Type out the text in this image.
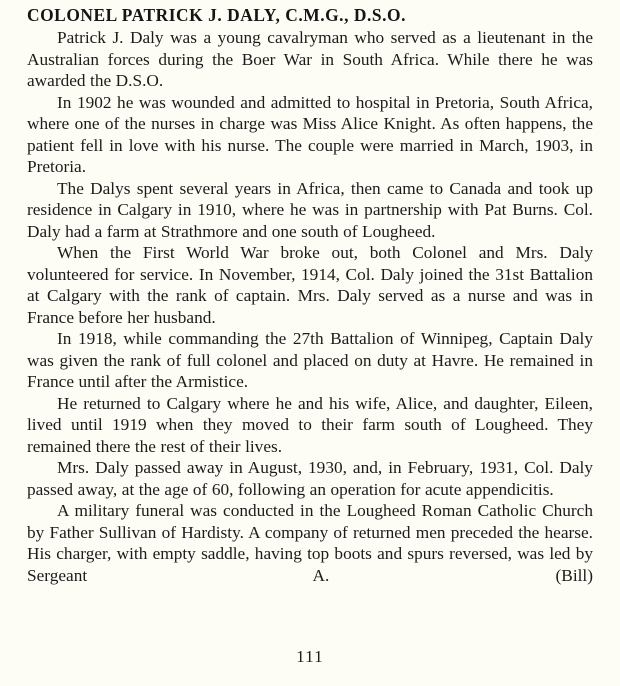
COLONEL PATRICK J. DALY, C.M.G., D.S.O.

Patrick J. Daly was a young cavalryman who served as a lieutenant in the Australian forces during the Boer War in South Africa. While there he was awarded the D.S.O.

In 1902 he was wounded and admitted to hospital in Pretoria, South Africa, where one of the nurses in charge was Miss Alice Knight. As often happens, the patient fell in love with his nurse. The couple were married in March, 1903, in Pretoria.

The Dalys spent several years in Africa, then came to Canada and took up residence in Calgary in 1910, where he was in partnership with Pat Burns. Col. Daly had a farm at Strathmore and one south of Lougheed.

When the First World War broke out, both Colonel and Mrs. Daly volunteered for service. In November, 1914, Col. Daly joined the 31st Battalion at Calgary with the rank of captain. Mrs. Daly served as a nurse and was in France before her husband.

In 1918, while commanding the 27th Battalion of Winnipeg, Captain Daly was given the rank of full colonel and placed on duty at Havre. He remained in France until after the Armistice.

He returned to Calgary where he and his wife, Alice, and daughter, Eileen, lived until 1919 when they moved to their farm south of Lougheed. They remained there the rest of their lives.

Mrs. Daly passed away in August, 1930, and, in February, 1931, Col. Daly passed away, at the age of 60, following an operation for acute appendicitis.

A military funeral was conducted in the Lougheed Roman Catholic Church by Father Sullivan of Hardisty. A company of returned men preceded the hearse. His charger, with empty saddle, having top boots and spurs reversed, was led by Sergeant A. (Bill)

111
